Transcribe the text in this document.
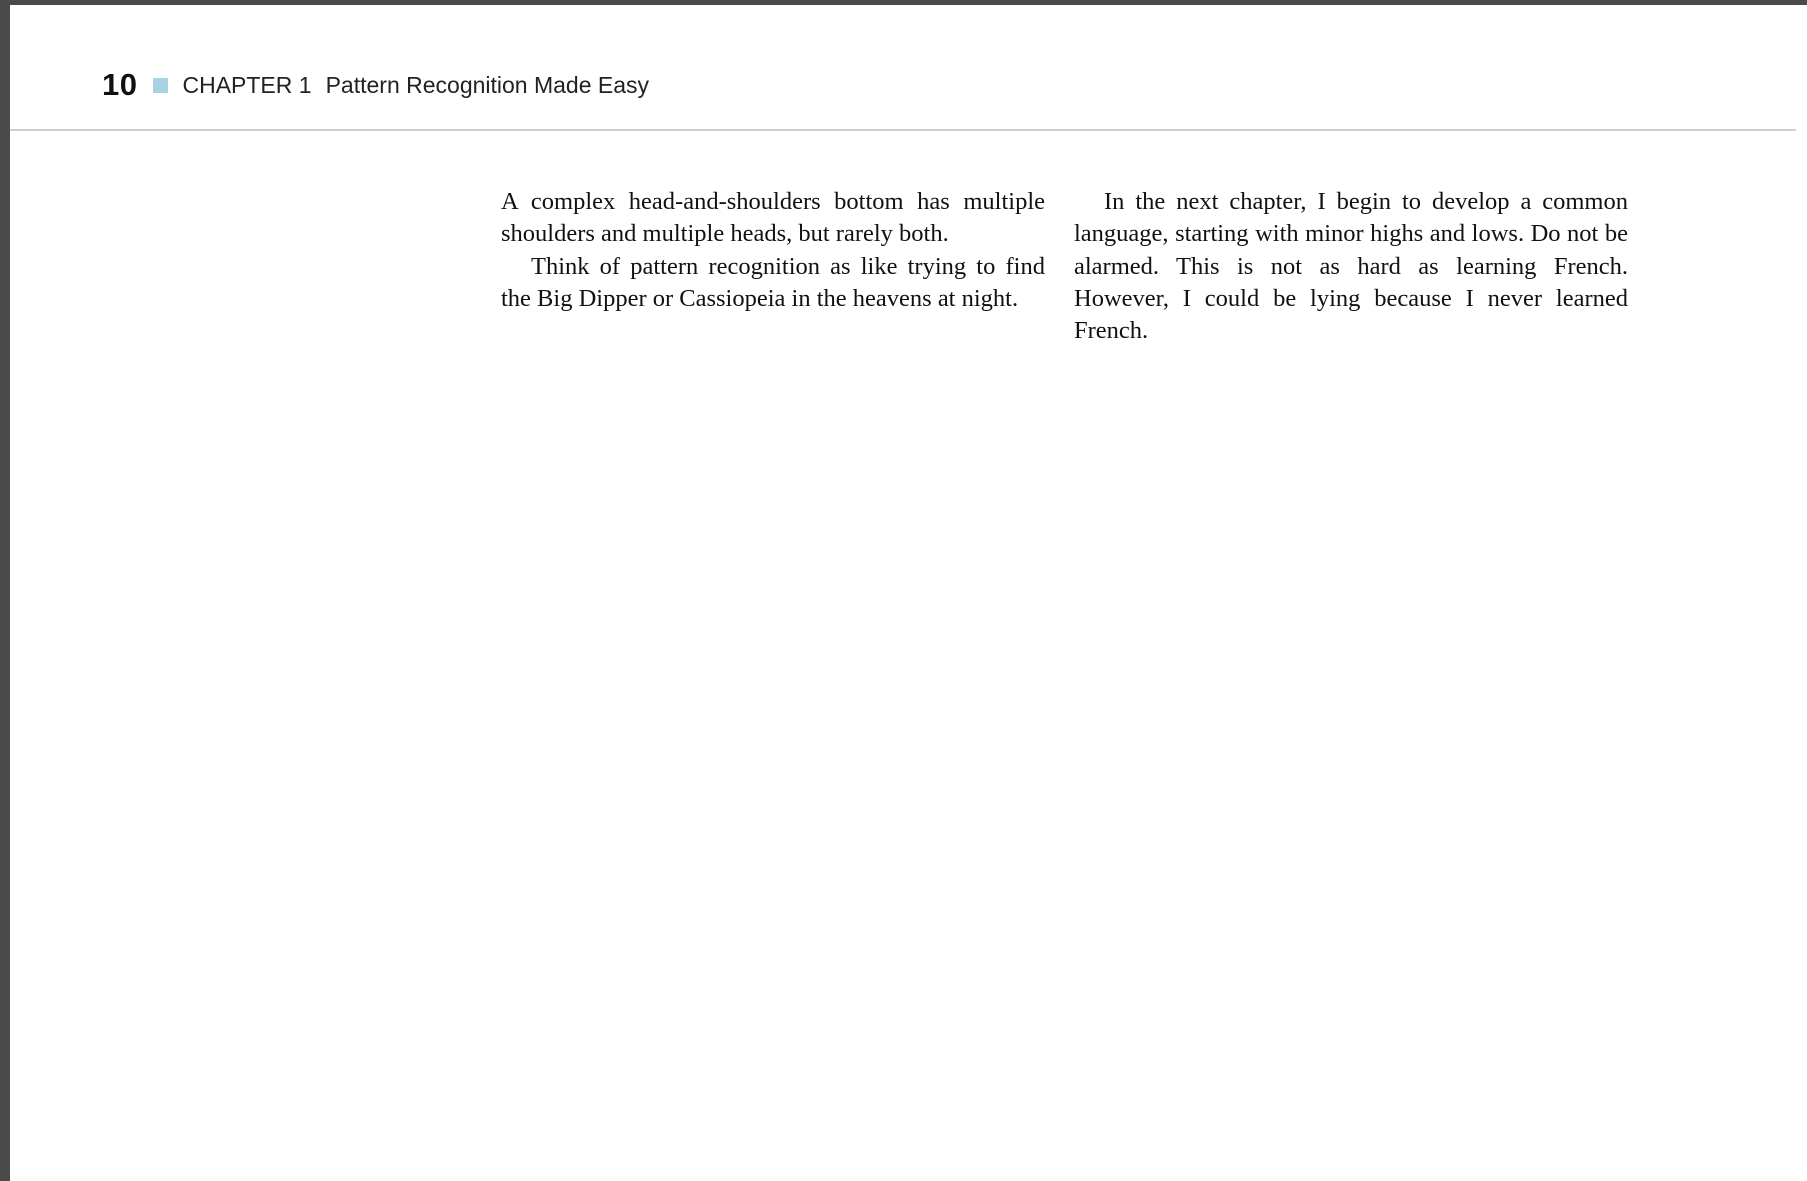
10 CHAPTER 1 Pattern Recognition Made Easy

A complex head-and-shoulders bottom has multiple shoulders and multiple heads, but rarely both.

Think of pattern recognition as like trying to find the Big Dipper or Cassiopeia in the heavens at night.

In the next chapter, I begin to develop a common language, starting with minor highs and lows. Do not be alarmed. This is not as hard as learning French. However, I could be lying because I never learned French.
